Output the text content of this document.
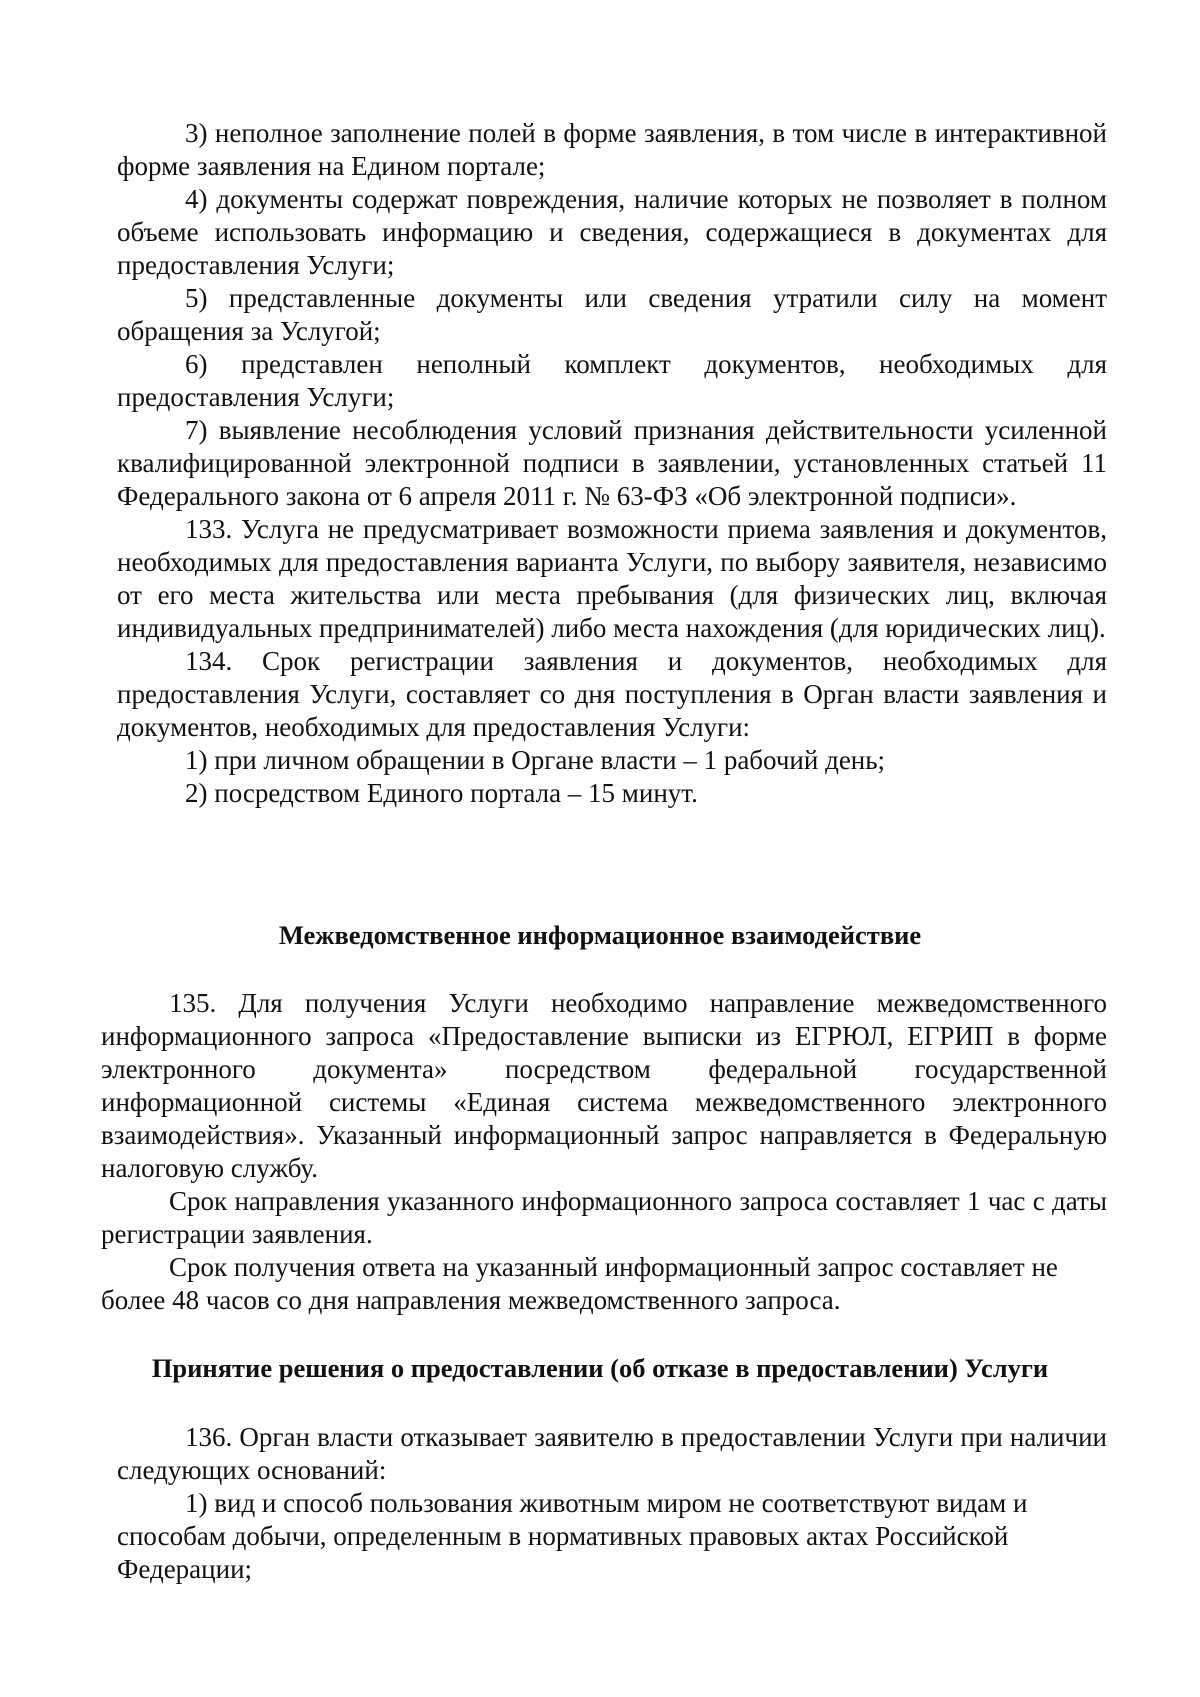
3) неполное заполнение полей в форме заявления, в том числе в интерактивной форме заявления на Едином портале;

4) документы содержат повреждения, наличие которых не позволяет в полном объеме использовать информацию и сведения, содержащиеся в документах для предоставления Услуги;

5) представленные документы или сведения утратили силу на момент обращения за Услугой;

6) представлен неполный комплект документов, необходимых для предоставления Услуги;

7) выявление несоблюдения условий признания действительности усиленной квалифицированной электронной подписи в заявлении, установленных статьей 11 Федерального закона от 6 апреля 2011 г. № 63-ФЗ «Об электронной подписи».

133. Услуга не предусматривает возможности приема заявления и документов, необходимых для предоставления варианта Услуги, по выбору заявителя, независимо от его места жительства или места пребывания (для физических лиц, включая индивидуальных предпринимателей) либо места нахождения (для юридических лиц).

134. Срок регистрации заявления и документов, необходимых для предоставления Услуги, составляет со дня поступления в Орган власти заявления и документов, необходимых для предоставления Услуги:

1) при личном обращении в Органе власти – 1 рабочий день;

2) посредством Единого портала – 15 минут.

Межведомственное информационное взаимодействие

135. Для получения Услуги необходимо направление межведомственного информационного запроса «Предоставление выписки из ЕГРЮЛ, ЕГРИП в форме электронного документа» посредством федеральной государственной информационной системы «Единая система межведомственного электронного взаимодействия». Указанный информационный запрос направляется в Федеральную налоговую службу.

Срок направления указанного информационного запроса составляет 1 час с даты регистрации заявления.

Срок получения ответа на указанный информационный запрос составляет не более 48 часов со дня направления межведомственного запроса.

Принятие решения о предоставлении (об отказе в предоставлении) Услуги

136. Орган власти отказывает заявителю в предоставлении Услуги при наличии следующих оснований:

1) вид и способ пользования животным миром не соответствуют видам и способам добычи, определенным в нормативных правовых актах Российской Федерации;
